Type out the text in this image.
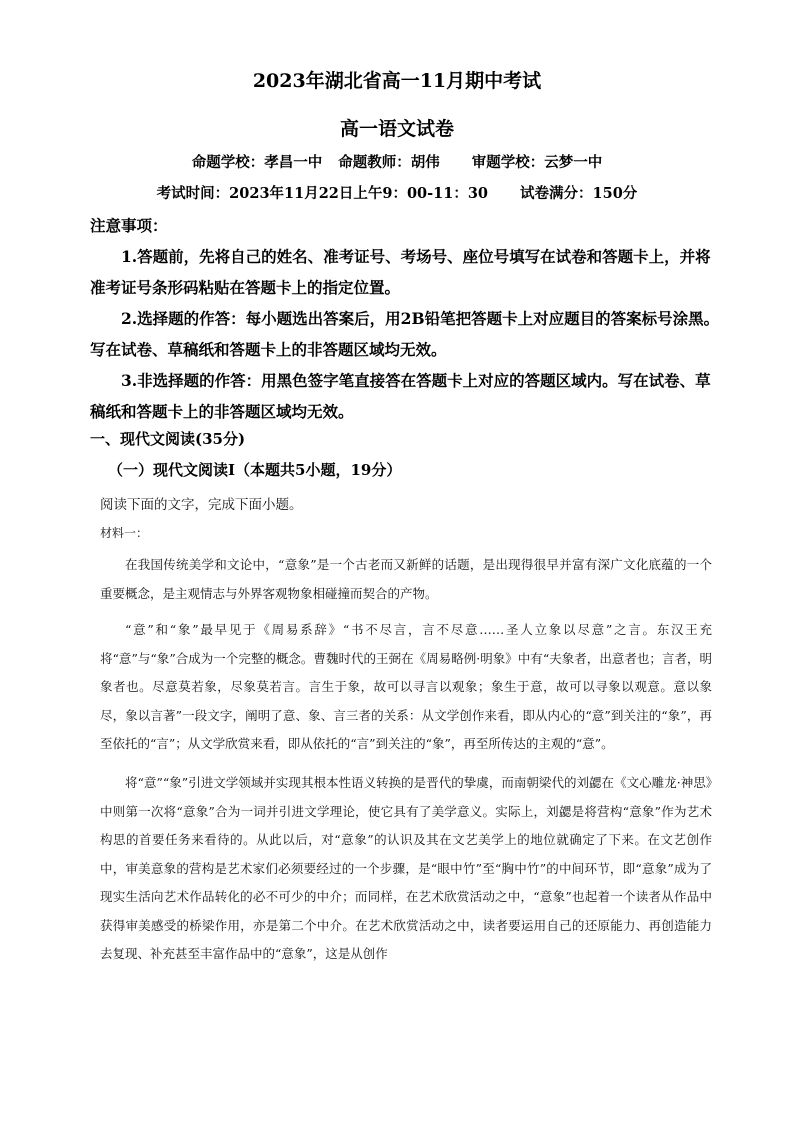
2023年湖北省高一11月期中考试
高一语文试卷
命题学校：孝昌一中 命题教师：胡伟 审题学校：云梦一中
考试时间：2023年11月22日上午9：00-11：30 试卷满分：150分
注意事项：

1.答题前，先将自己的姓名、准考证号、考场号、座位号填写在试卷和答题卡上，并将准考证号条形码粘贴在答题卡上的指定位置。

2.选择题的作答：每小题选出答案后，用2B铅笔把答题卡上对应题目的答案标号涂黑。写在试卷、草稿纸和答题卡上的非答题区域均无效。

3.非选择题的作答：用黑色签字笔直接答在答题卡上对应的答题区域内。写在试卷、草稿纸和答题卡上的非答题区域均无效。

一、现代文阅读(35分)
（一）现代文阅读Ⅰ（本题共5小题，19分）
阅读下面的文字，完成下面小题。
材料一：

在我国传统美学和文论中，“意象”是一个古老而又新鲜的话题，是出现得很早并富有深广文化底蕴的一个重要概念，是主观情志与外界客观物象相碰撞而契合的产物。

“意”和“象”最早见于《周易系辞》“书不尽言，言不尽意……圣人立象以尽意”之言。东汉王充将“意”与“象”合成为一个完整的概念。曹魏时代的王弼在《周易略例·明象》中有“夫象者，出意者也；言者，明象者也。尽意莫若象，尽象莫若言。言生于象，故可以寻言以观象；象生于意，故可以寻象以观意。意以象尽，象以言著”一段文字，阐明了意、象、言三者的关系：从文学创作来看，即从内心的“意”到关注的“象”，再至依托的“言”；从文学欣赏来看，即从依托的“言”到关注的“象”，再至所传达的主观的“意”。

将“意”“象”引进文学领域并实现其根本性语义转换的是晋代的挚虞，而南朝梁代的刘勰在《文心雕龙·神思》中则第一次将“意象”合为一词并引进文学理论，使它具有了美学意义。实际上，刘勰是将营构“意象”作为艺术构思的首要任务来看待的。从此以后，对“意象”的认识及其在文艺美学上的地位就确定了下来。在文艺创作中，审美意象的营构是艺术家们必须要经过的一个步骤，是“眼中竹”至“胸中竹”的中间环节，即“意象”成为了现实生活向艺术作品转化的必不可少的中介；而同样，在艺术欣赏活动之中，“意象”也起着一个读者从作品中获得审美感受的桥梁作用，亦是第二个中介。在艺术欣赏活动之中，读者要运用自己的还原能力、再创造能力去复现、补充甚至丰富作品中的“意象”，这是从创作
